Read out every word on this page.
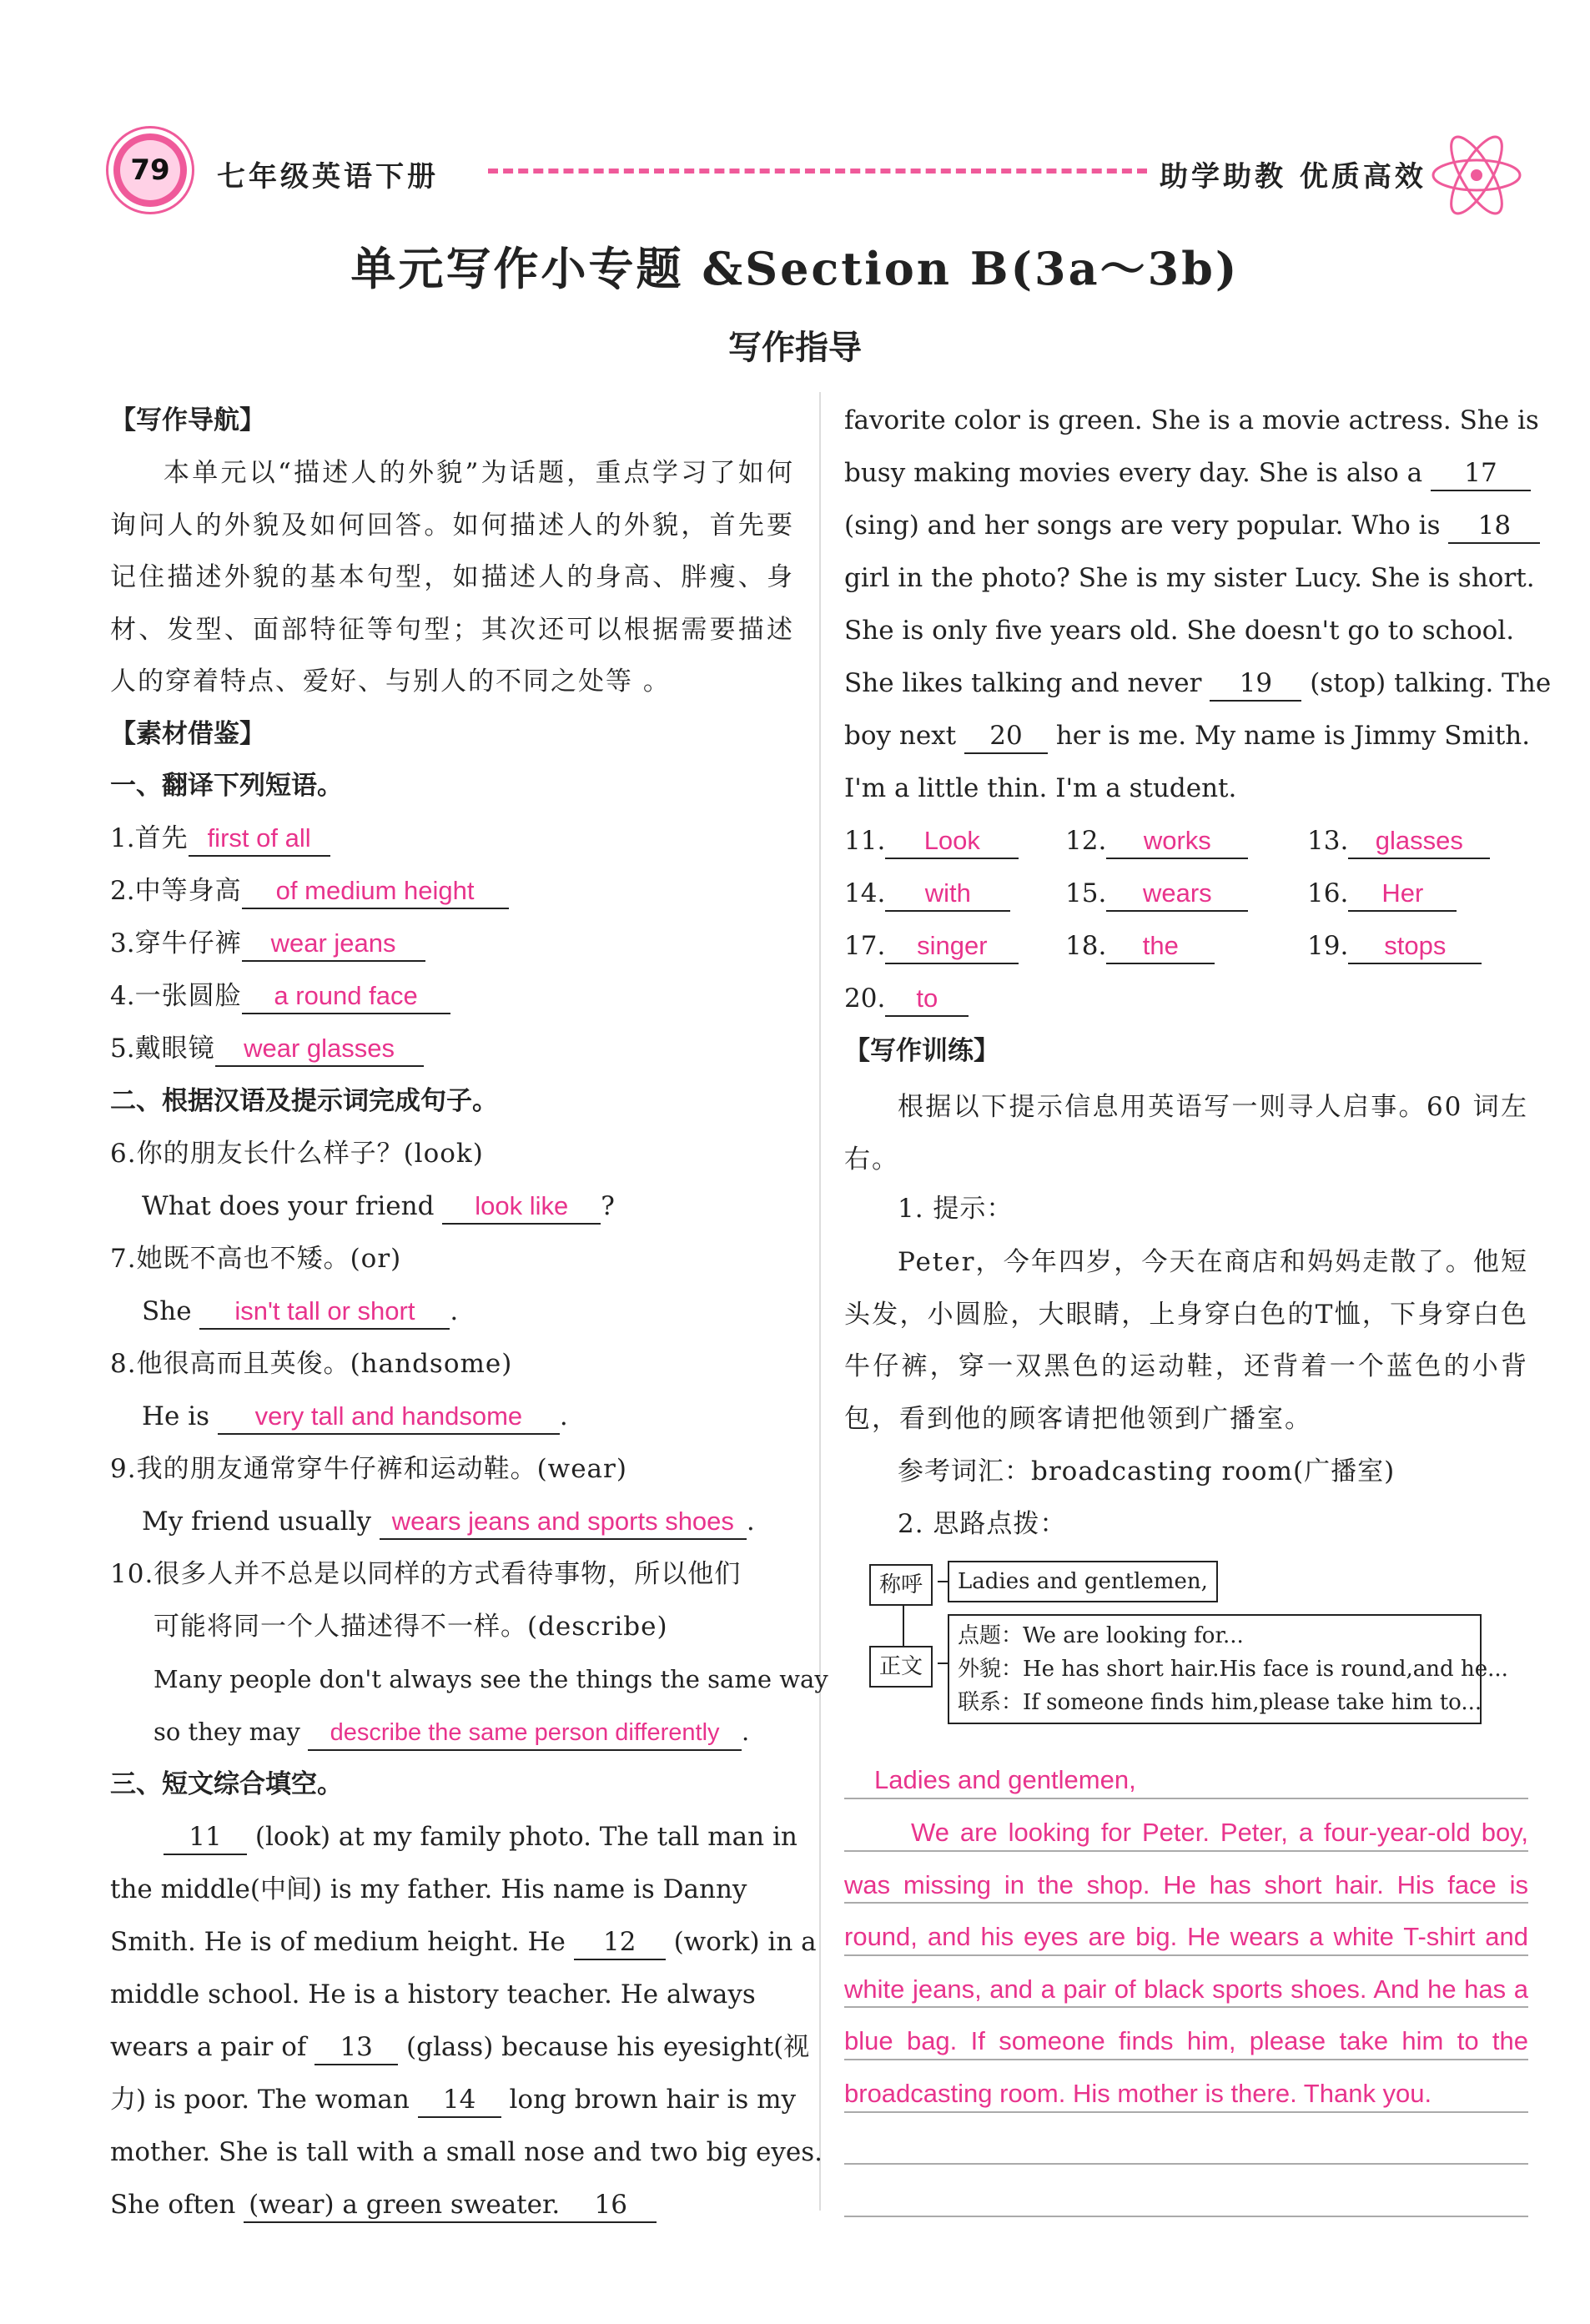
79	七年级英语下册	助学助教 优质高效
单元写作小专题 &Section B(3a～3b)
写作指导
【写作导航】
本单元以“描述人的外貌”为话题，重点学习了如何询问人的外貌及如何回答。如何描述人的外貌，首先要记住描述外貌的基本句型，如描述人的身高、胖瘦、身材、发型、面部特征等句型；其次还可以根据需要描述人的穿着特点、爱好、与别人的不同之处等 。
【素材借鉴】
一、翻译下列短语。
1.首先 first of all
2.中等身高 of medium height
3.穿牛仔裤 wear jeans
4.一张圆脸 a round face
5.戴眼镜 wear glasses
二、根据汉语及提示词完成句子。
6.你的朋友长什么样子？(look)
What does your friend look like ?
7.她既不高也不矮。(or)
She isn't tall or short .
8.他很高而且英俊。(handsome)
He is very tall and handsome .
9.我的朋友通常穿牛仔裤和运动鞋。(wear)
My friend usually wears jeans and sports shoes .
10.很多人并不总是以同样的方式看待事物，所以他们
可能将同一个人描述得不一样。(describe)
Many people don't always see the things the same way
so they may describe the same person differently .
三、短文综合填空。
11 (look) at my family photo. The tall man in
the middle(中间) is my father. His name is Danny
Smith. He is of medium height. He 12 (work) in a
middle school. He is a history teacher. He always
wears a pair of 13 (glass) because his eyesight(视
力) is poor. The woman 14 long brown hair is my
mother. She is tall with a small nose and two big eyes.
She often (wear) a green sweater.16
favorite color is green. She is a movie actress. She is
busy making movies every day. She is also a 17
(sing) and her songs are very popular. Who is 18
girl in the photo? She is my sister Lucy. She is short.
She is only five years old. She doesn't go to school.
She likes talking and never 19 (stop) talking. The
boy next 20 her is me. My name is Jimmy Smith.
I'm a little thin. I'm a student.
11. Look	12. works	13. glasses
14. with	15. wears	16. Her
17. singer	18. the	19. stops
20. to
【写作训练】
根据以下提示信息用英语写一则寻人启事。60 词左右。
1. 提示：
Peter，今年四岁，今天在商店和妈妈走散了。他短头发，小圆脸，大眼睛，上身穿白色的T恤，下身穿白色牛仔裤，穿一双黑色的运动鞋，还背着一个蓝色的小背包，看到他的顾客请把他领到广播室。
参考词汇：broadcasting room(广播室)
2. 思路点拨：
称呼	Ladies and gentlemen,
正文
点题：We are looking for...
外貌：He has short hair.His face is round,and he...
联系：If someone finds him,please take him to...
Ladies and gentlemen,
We are looking for Peter. Peter, a four-year-old boy, was missing in the shop. He has short hair. His face is round, and his eyes are big. He wears a white T-shirt and white jeans, and a pair of black sports shoes. And he has a blue bag. If someone finds him, please take him to the broadcasting room. His mother is there. Thank you.
